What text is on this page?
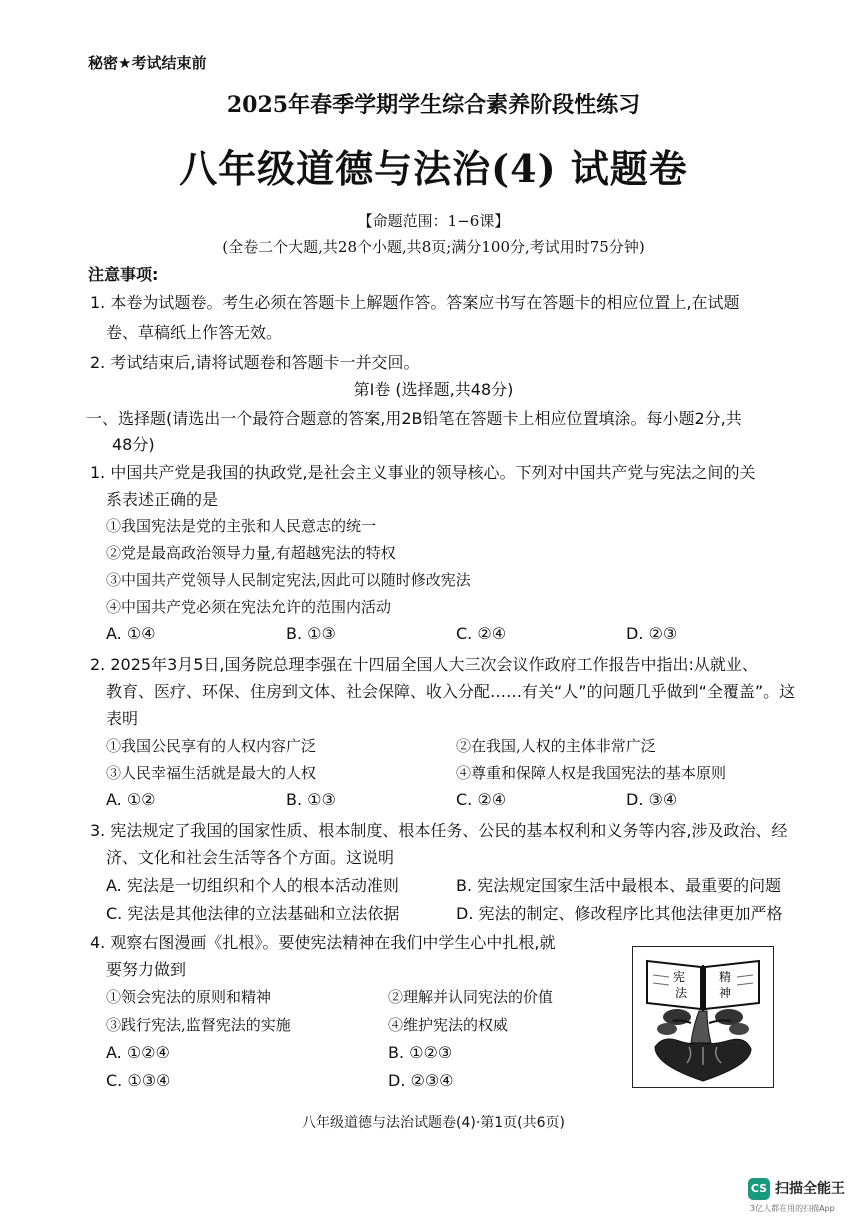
秘密★考试结束前
2025年春季学期学生综合素养阶段性练习
八年级道德与法治(4) 试题卷
【命题范围：1−6课】
(全卷二个大题,共28个小题,共8页;满分100分,考试用时75分钟)
注意事项:
1. 本卷为试题卷。考生必须在答题卡上解题作答。答案应书写在答题卡的相应位置上,在试题
卷、草稿纸上作答无效。
2. 考试结束后,请将试题卷和答题卡一并交回。
第Ⅰ卷 (选择题,共48分)
一、选择题(请选出一个最符合题意的答案,用2B铅笔在答题卡上相应位置填涂。每小题2分,共
48分)
1. 中国共产党是我国的执政党,是社会主义事业的领导核心。下列对中国共产党与宪法之间的关
系表述正确的是
①我国宪法是党的主张和人民意志的统一
②党是最高政治领导力量,有超越宪法的特权
③中国共产党领导人民制定宪法,因此可以随时修改宪法
④中国共产党必须在宪法允许的范围内活动
A. ①④	B. ①③	C. ②④	D. ②③
2. 2025年3月5日,国务院总理李强在十四届全国人大三次会议作政府工作报告中指出:从就业、
教育、医疗、环保、住房到文体、社会保障、收入分配……有关“人”的问题几乎做到“全覆盖”。这
表明
①我国公民享有的人权内容广泛	②在我国,人权的主体非常广泛
③人民幸福生活就是最大的人权	④尊重和保障人权是我国宪法的基本原则
A. ①②	B. ①③	C. ②④	D. ③④
3. 宪法规定了我国的国家性质、根本制度、根本任务、公民的基本权利和义务等内容,涉及政治、经
济、文化和社会生活等各个方面。这说明
A. 宪法是一切组织和个人的根本活动准则	B. 宪法规定国家生活中最根本、最重要的问题
C. 宪法是其他法律的立法基础和立法依据	D. 宪法的制定、修改程序比其他法律更加严格
4. 观察右图漫画《扎根》。要使宪法精神在我们中学生心中扎根,就
要努力做到
①领会宪法的原则和精神	②理解并认同宪法的价值
③践行宪法,监督宪法的实施	④维护宪法的权威
A. ①②④	B. ①②③
C. ①③④	D. ②③④
宪
法
精
神
八年级道德与法治试题卷(4)·第1页(共6页)
CS 扫描全能王
3亿人都在用的扫描App
